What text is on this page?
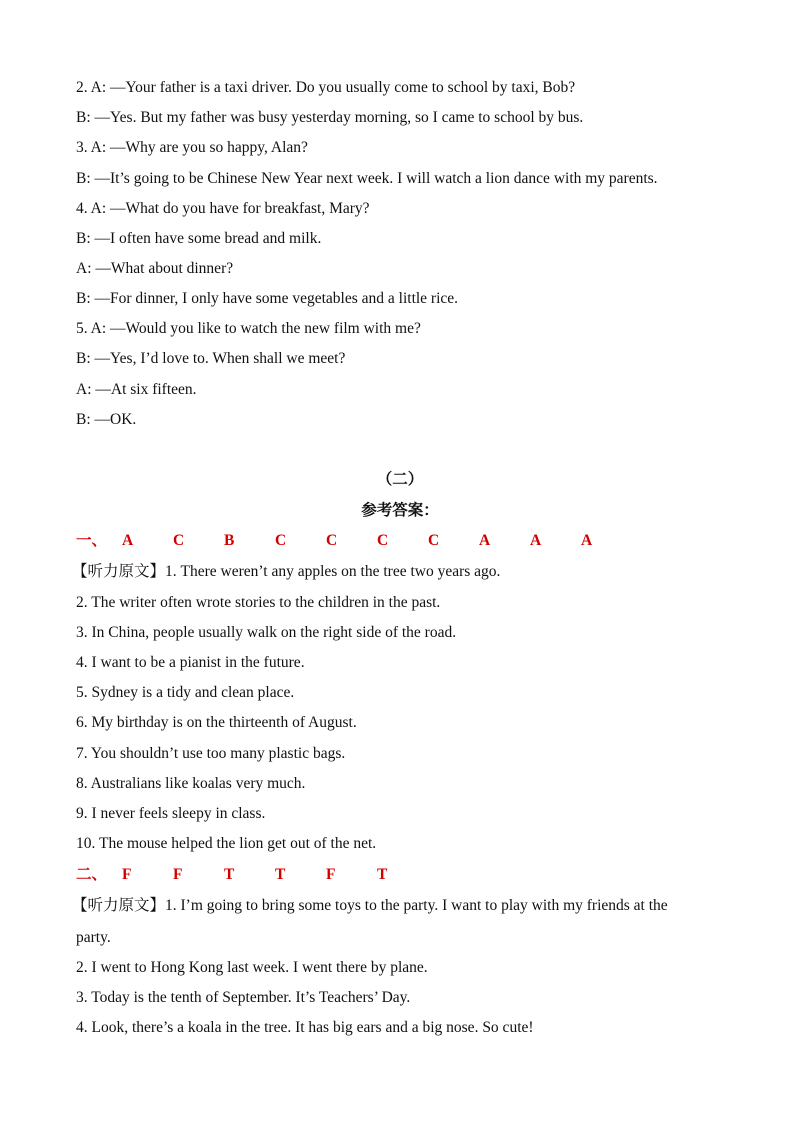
2. A: —Your father is a taxi driver. Do you usually come to school by taxi, Bob?
B: —Yes. But my father was busy yesterday morning, so I came to school by bus.
3. A: —Why are you so happy, Alan?
B: —It’s going to be Chinese New Year next week. I will watch a lion dance with my parents.
4. A: —What do you have for breakfast, Mary?
B: —I often have some bread and milk.
A: —What about dinner?
B: —For dinner, I only have some vegetables and a little rice.
5. A: —Would you like to watch the new film with me?
B: —Yes, I’d love to. When shall we meet?
A: —At six fifteen.
B: —OK.
（二）
参考答案：
一、 A	C	B	C	C	C	C	A	A	A
【听力原文】1. There weren’t any apples on the tree two years ago.
2. The writer often wrote stories to the children in the past.
3. In China, people usually walk on the right side of the road.
4. I want to be a pianist in the future.
5. Sydney is a tidy and clean place.
6. My birthday is on the thirteenth of August.
7. You shouldn’t use too many plastic bags.
8. Australians like koalas very much.
9. I never feels sleepy in class.
10. The mouse helped the lion get out of the net.
二、 F	F	T	T	F	T
【听力原文】1. I’m going to bring some toys to the party. I want to play with my friends at the
party.
2. I went to Hong Kong last week. I went there by plane.
3. Today is the tenth of September. It’s Teachers’ Day.
4. Look, there’s a koala in the tree. It has big ears and a big nose. So cute!
